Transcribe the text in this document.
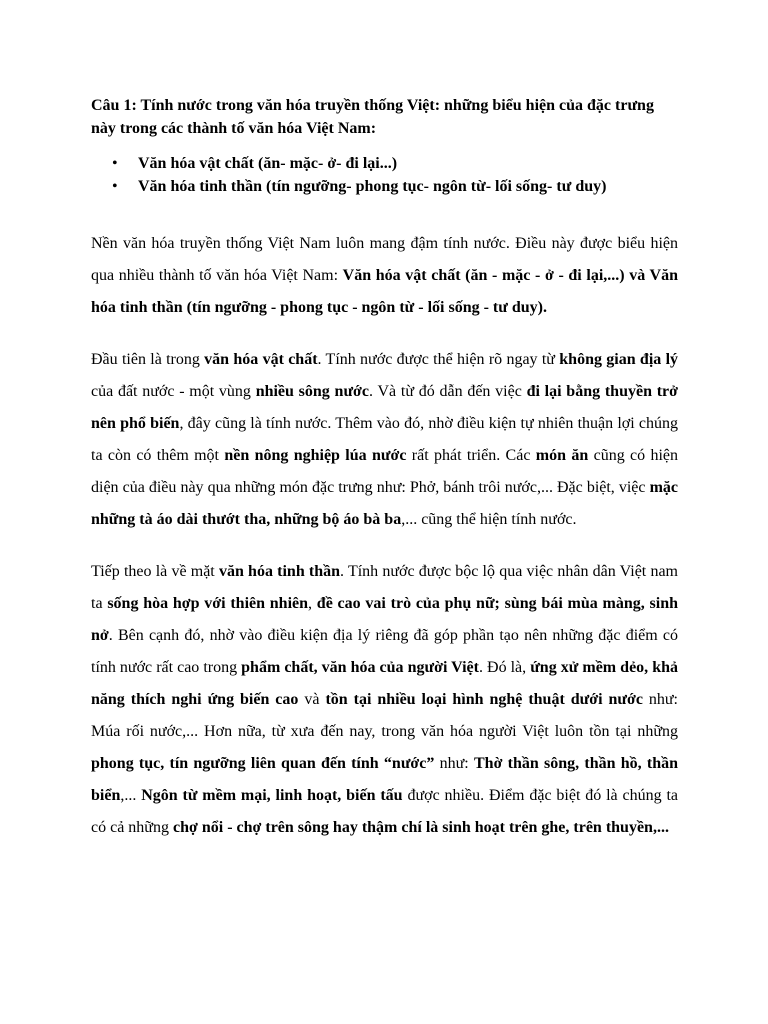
Câu 1: Tính nước trong văn hóa truyền thống Việt: những biểu hiện của đặc trưng này trong các thành tố văn hóa Việt Nam:

• Văn hóa vật chất (ăn- mặc- ở- đi lại...)
• Văn hóa tinh thần (tín ngưỡng- phong tục- ngôn từ- lối sống- tư duy)

Nền văn hóa truyền thống Việt Nam luôn mang đậm tính nước. Điều này được biểu hiện qua nhiều thành tố văn hóa Việt Nam: Văn hóa vật chất (ăn - mặc - ở - đi lại,...) và Văn hóa tinh thần (tín ngưỡng - phong tục - ngôn từ - lối sống - tư duy).

Đầu tiên là trong văn hóa vật chất. Tính nước được thể hiện rõ ngay từ không gian địa lý của đất nước - một vùng nhiều sông nước. Và từ đó dẫn đến việc đi lại bằng thuyền trở nên phổ biến, đây cũng là tính nước. Thêm vào đó, nhờ điều kiện tự nhiên thuận lợi chúng ta còn có thêm một nền nông nghiệp lúa nước rất phát triển. Các món ăn cũng có hiện diện của điều này qua những món đặc trưng như: Phở, bánh trôi nước,... Đặc biệt, việc mặc những tà áo dài thướt tha, những bộ áo bà ba,... cũng thể hiện tính nước.

Tiếp theo là về mặt văn hóa tinh thần. Tính nước được bộc lộ qua việc nhân dân Việt nam ta sống hòa hợp với thiên nhiên, đề cao vai trò của phụ nữ; sùng bái mùa màng, sinh nở. Bên cạnh đó, nhờ vào điều kiện địa lý riêng đã góp phần tạo nên những đặc điểm có tính nước rất cao trong phẩm chất, văn hóa của người Việt. Đó là, ứng xử mềm dẻo, khả năng thích nghi ứng biến cao và tồn tại nhiều loại hình nghệ thuật dưới nước như: Múa rối nước,... Hơn nữa, từ xưa đến nay, trong văn hóa người Việt luôn tồn tại những phong tục, tín ngưỡng liên quan đến tính “nước” như: Thờ thần sông, thần hồ, thần biển,... Ngôn từ mềm mại, linh hoạt, biến tấu được nhiều. Điểm đặc biệt đó là chúng ta có cả những chợ nổi - chợ trên sông hay thậm chí là sinh hoạt trên ghe, trên thuyền,...
